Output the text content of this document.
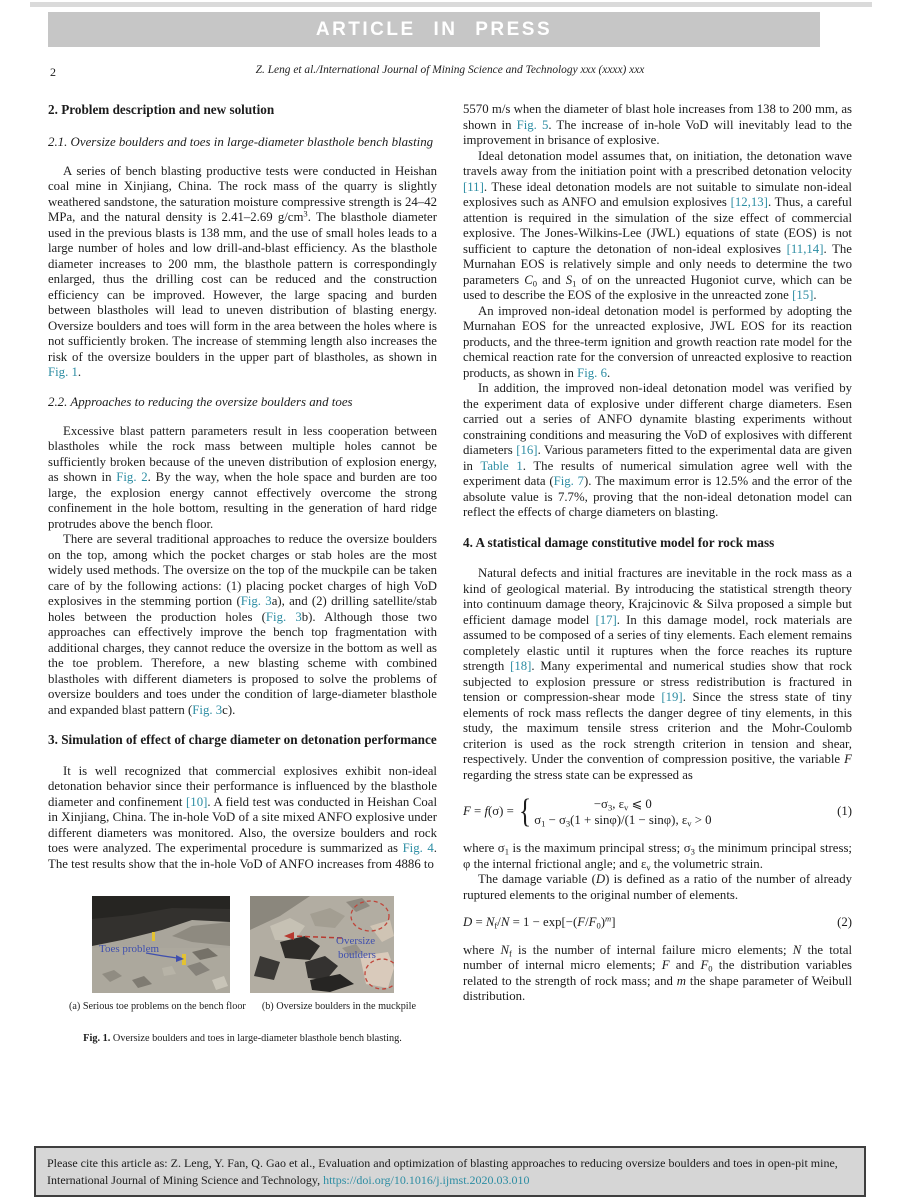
ARTICLE IN PRESS
2	Z. Leng et al./International Journal of Mining Science and Technology xxx (xxxx) xxx
2. Problem description and new solution
2.1. Oversize boulders and toes in large-diameter blasthole bench blasting
A series of bench blasting productive tests were conducted in Heishan coal mine in Xinjiang, China. The rock mass of the quarry is slightly weathered sandstone, the saturation moisture compressive strength is 24–42 MPa, and the natural density is 2.41–2.69 $g/cm^3$. The blasthole diameter used in the previous blasts is 138 mm, and the use of small holes leads to a large number of holes and low drill-and-blast efficiency. As the blasthole diameter increases to 200 mm, the blasthole pattern is correspondingly enlarged, thus the drilling cost can be reduced and the construction efficiency can be improved. However, the large spacing and burden between blastholes will lead to uneven distribution of blasting energy. Oversize boulders and toes will form in the area between the holes where is not sufficiently broken. The increase of stemming length also increases the risk of the oversize boulders in the upper part of blastholes, as shown in Fig. 1.
2.2. Approaches to reducing the oversize boulders and toes
Excessive blast pattern parameters result in less cooperation between blastholes while the rock mass between multiple holes cannot be sufficiently broken because of the uneven distribution of explosion energy, as shown in Fig. 2. By the way, when the hole space and burden are too large, the explosion energy cannot effectively overcome the strong confinement in the hole bottom, resulting in the generation of hard ridge protrudes above the bench floor.
There are several traditional approaches to reduce the oversize boulders on the top, among which the pocket charges or stab holes are the most widely used methods. The oversize on the top of the muckpile can be taken care of by the following actions: (1) placing pocket charges of high VoD explosives in the stemming portion (Fig. 3a), and (2) drilling satellite/stab holes between the production holes (Fig. 3b). Although those two approaches can effectively improve the bench top fragmentation with additional charges, they cannot reduce the oversize in the bottom as well as the toe problem. Therefore, a new blasting scheme with combined blastholes with different diameters is proposed to solve the problems of oversize boulders and toes under the condition of large-diameter blasthole and expanded blast pattern (Fig. 3c).
3. Simulation of effect of charge diameter on detonation performance
It is well recognized that commercial explosives exhibit non-ideal detonation behavior since their performance is influenced by the blasthole diameter and confinement [10]. A field test was conducted in Heishan Coal in Xinjiang, China. The in-hole VoD of a site mixed ANFO explosive under different diameters was monitored. Also, the oversize boulders and rock toes were analyzed. The experimental procedure is summarized as Fig. 4. The test results show that the in-hole VoD of ANFO increases from 4886 to
Toes problem
Oversize
boulders
(a) Serious toe problems on the bench floor (b) Oversize boulders in the muckpile
Fig. 1. Oversize boulders and toes in large-diameter blasthole bench blasting.
5570 m/s when the diameter of blast hole increases from 138 to 200 mm, as shown in Fig. 5. The increase of in-hole VoD will inevitably lead to the improvement in brisance of explosive.
Ideal detonation model assumes that, on initiation, the detonation wave travels away from the initiation point with a prescribed detonation velocity [11]. These ideal detonation models are not suitable to simulate non-ideal explosives such as ANFO and emulsion explosives [12,13]. Thus, a careful attention is required in the simulation of the size effect of commercial explosive. The Jones-Wilkins-Lee (JWL) equations of state (EOS) is not sufficient to capture the detonation of non-ideal explosives [11,14]. The Murnahan EOS is relatively simple and only needs to determine the two parameters $C_0$ and $S_1$ of on the unreacted Hugoniot curve, which can be used to describe the EOS of the explosive in the unreacted zone [15].
An improved non-ideal detonation model is performed by adopting the Murnahan EOS for the unreacted explosive, JWL EOS for its reaction products, and the three-term ignition and growth reaction rate model for the chemical reaction rate for the conversion of unreacted explosive to reaction products, as shown in Fig. 6.
In addition, the improved non-ideal detonation model was verified by the experiment data of explosive under different charge diameters. Esen carried out a series of ANFO dynamite blasting experiments without constraining conditions and measuring the VoD of explosives with different diameters [16]. Various parameters fitted to the experimental data are given in Table 1. The results of numerical simulation agree well with the experiment data (Fig. 7). The maximum error is 12.5% and the error of the absolute value is 7.7%, proving that the non-ideal detonation model can reflect the effects of charge diameters on blasting.
4. A statistical damage constitutive model for rock mass
Natural defects and initial fractures are inevitable in the rock mass as a kind of geological material. By introducing the statistical strength theory into continuum damage theory, Krajcinovic & Silva proposed a simple but efficient damage model [17]. In this damage model, rock materials are assumed to be composed of a series of tiny elements. Each element remains completely elastic until it ruptures when the force reaches its rupture strength [18]. Many experimental and numerical studies show that rock subjected to explosion pressure or stress redistribution is fractured in tension or compression-shear mode [19]. Since the stress state of tiny elements of rock mass reflects the danger degree of tiny elements, in this study, the maximum tensile stress criterion and the Mohr-Coulomb criterion is used as the rock strength criterion in tension and shear, respectively. Under the convention of compression positive, the variable F regarding the stress state can be expressed as
F = f(σ) = {	$-\sigma_3$, $\varepsilon_v$ ⩽ 0
$\sigma_1 - \sigma_3(1 + \sin\varphi)/(1 - \sin\varphi)$, $\varepsilon_v > 0$
(1)
where $\sigma_1$ is the maximum principal stress; $\sigma_3$ the minimum principal stress; φ the internal frictional angle; and $\varepsilon_v$ the volumetric strain.
The damage variable (D) is defined as a ratio of the number of already ruptured elements to the original number of elements.
$D = N_f/N = 1 - \exp[-(F/F_0)^m]$	(2)
where $N_f$ is the number of internal failure micro elements; N the total number of internal micro elements; F and $F_0$ the distribution variables related to the strength of rock mass; and m the shape parameter of Weibull distribution.
Please cite this article as: Z. Leng, Y. Fan, Q. Gao et al., Evaluation and optimization of blasting approaches to reducing oversize boulders and toes in open-pit mine, International Journal of Mining Science and Technology, https://doi.org/10.1016/j.ijmst.2020.03.010
